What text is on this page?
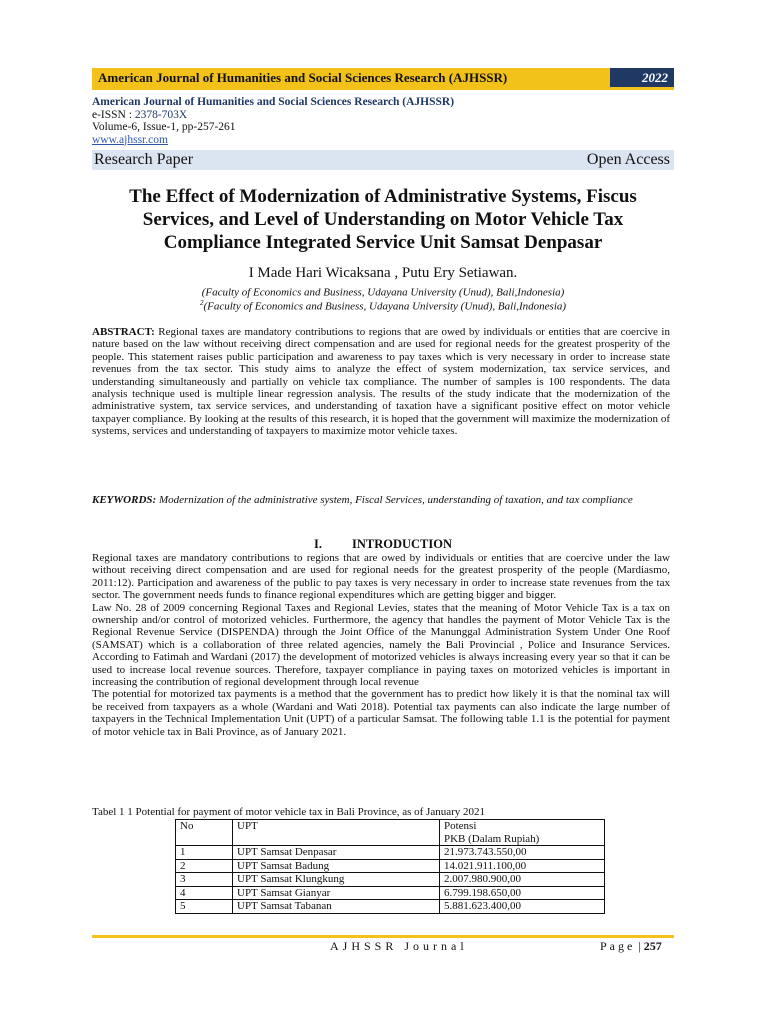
American Journal of Humanities and Social Sciences Research (AJHSSR)	2022
American Journal of Humanities and Social Sciences Research (AJHSSR)
e-ISSN : 2378-703X
Volume-6, Issue-1, pp-257-261
www.ajhssr.com
Research Paper	Open Access
The Effect of Modernization of Administrative Systems, Fiscus Services, and Level of Understanding on Motor Vehicle Tax Compliance Integrated Service Unit Samsat Denpasar
I Made Hari Wicaksana , Putu Ery Setiawan.
(Faculty of Economics and Business, Udayana University (Unud), Bali,Indonesia)
$^2$(Faculty of Economics and Business, Udayana University (Unud), Bali,Indonesia)
ABSTRACT: Regional taxes are mandatory contributions to regions that are owed by individuals or entities that are coercive in nature based on the law without receiving direct compensation and are used for regional needs for the greatest prosperity of the people. This statement raises public participation and awareness to pay taxes which is very necessary in order to increase state revenues from the tax sector. This study aims to analyze the effect of system modernization, tax service services, and understanding simultaneously and partially on vehicle tax compliance. The number of samples is 100 respondents. The data analysis technique used is multiple linear regression analysis. The results of the study indicate that the modernization of the administrative system, tax service services, and understanding of taxation have a significant positive effect on motor vehicle taxpayer compliance. By looking at the results of this research, it is hoped that the government will maximize the modernization of systems, services and understanding of taxpayers to maximize motor vehicle taxes.
KEYWORDS: Modernization of the administrative system, Fiscal Services, understanding of taxation, and tax compliance
I. INTRODUCTION

Regional taxes are mandatory contributions to regions that are owed by individuals or entities that are coercive under the law without receiving direct compensation and are used for regional needs for the greatest prosperity of the people (Mardiasmo, 2011:12). Participation and awareness of the public to pay taxes is very necessary in order to increase state revenues from the tax sector. The government needs funds to finance regional expenditures which are getting bigger and bigger.

Law No. 28 of 2009 concerning Regional Taxes and Regional Levies, states that the meaning of Motor Vehicle Tax is a tax on ownership and/or control of motorized vehicles. Furthermore, the agency that handles the payment of Motor Vehicle Tax is the Regional Revenue Service (DISPENDA) through the Joint Office of the Manunggal Administration System Under One Roof (SAMSAT) which is a collaboration of three related agencies, namely the Bali Provincial , Police and Insurance Services. According to Fatimah and Wardani (2017) the development of motorized vehicles is always increasing every year so that it can be used to increase local revenue sources. Therefore, taxpayer compliance in paying taxes on motorized vehicles is important in increasing the contribution of regional development through local revenue

The potential for motorized tax payments is a method that the government has to predict how likely it is that the nominal tax will be received from taxpayers as a whole (Wardani and Wati 2018). Potential tax payments can also indicate the large number of taxpayers in the Technical Implementation Unit (UPT) of a particular Samsat. The following table 1.1 is the potential for payment of motor vehicle tax in Bali Province, as of January 2021.

Tabel 1 1 Potential for payment of motor vehicle tax in Bali Province, as of January 2021
No	UPT	Potensi
PKB (Dalam Rupiah)

1	UPT Samsat Denpasar	21.973.743.550,00
2	UPT Samsat Badung	14.021.911.100,00
3	UPT Samsat Klungkung	2.007.980.900,00
4	UPT Samsat Gianyar	6.799.198.650,00
5	UPT Samsat Tabanan	5.881.623.400,00
AJHSSR Journal	Page | 257
